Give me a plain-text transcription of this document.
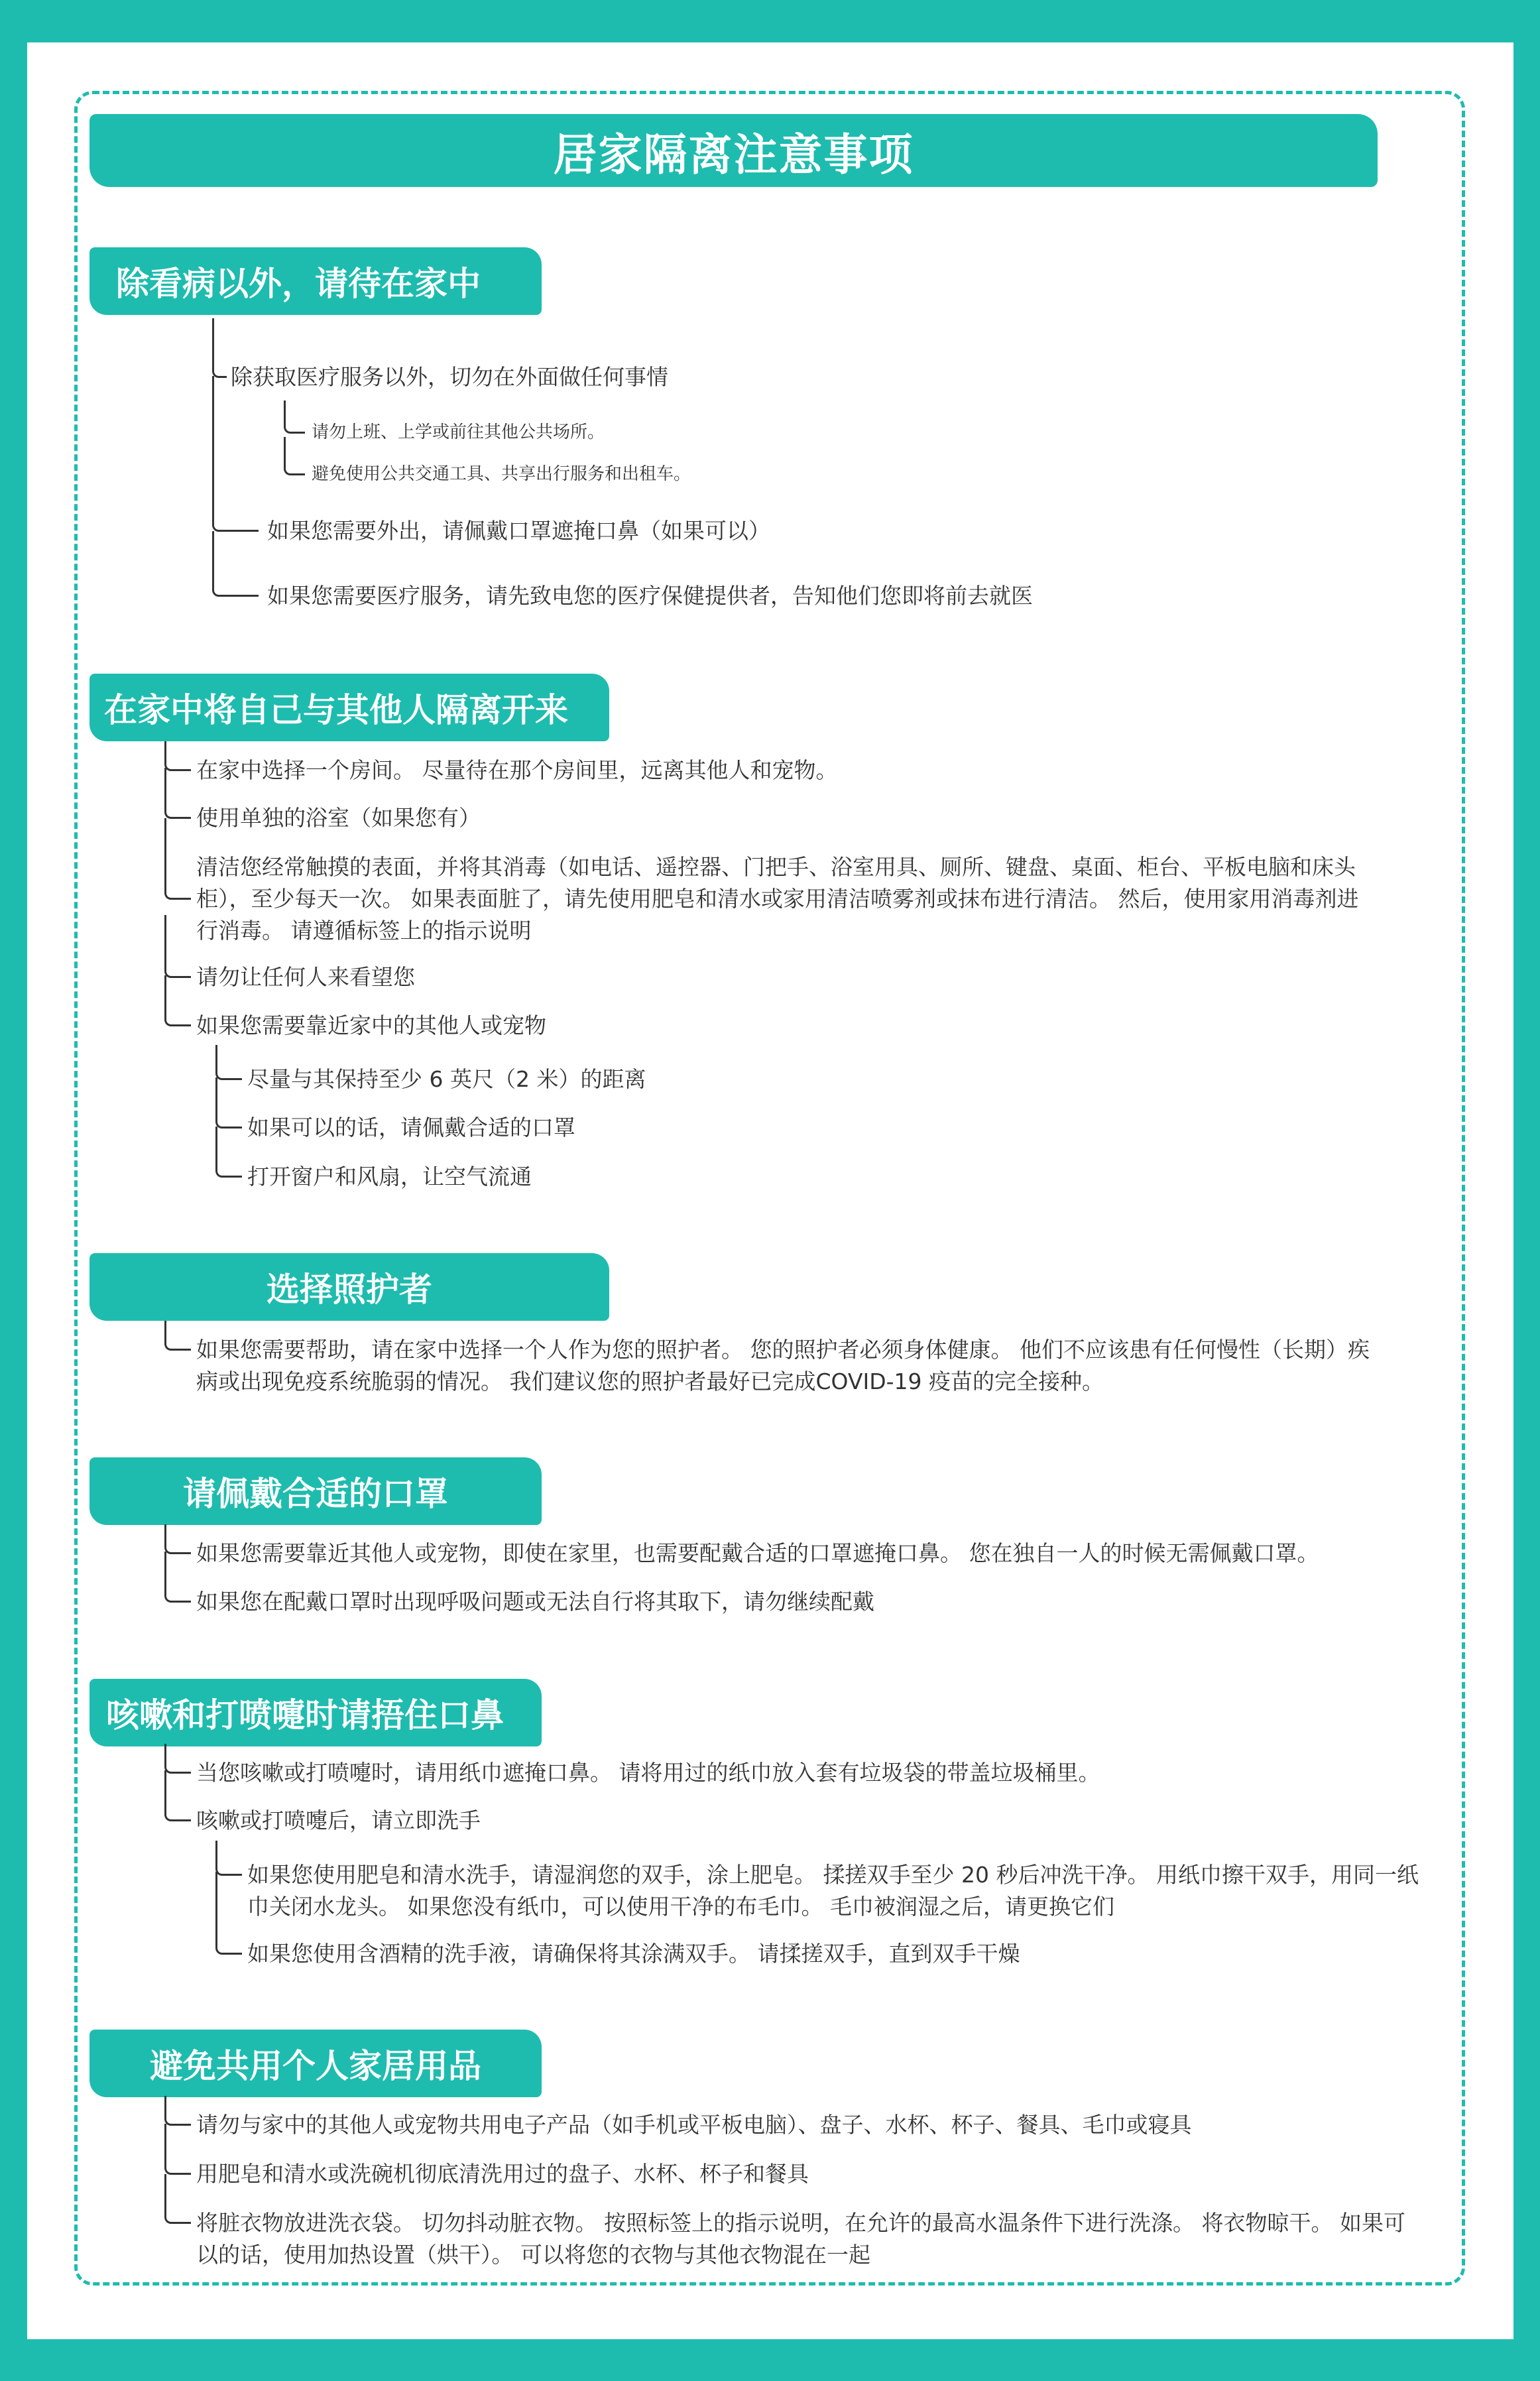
居家隔离注意事项
除看病以外，请待在家中
除获取医疗服务以外，切勿在外面做任何事情
请勿上班、上学或前往其他公共场所。
避免使用公共交通工具、共享出行服务和出租车。
如果您需要外出，请佩戴口罩遮掩口鼻（如果可以）
如果您需要医疗服务，请先致电您的医疗保健提供者，告知他们您即将前去就医
在家中将自己与其他人隔离开来
在家中选择一个房间。 尽量待在那个房间里，远离其他人和宠物。
使用单独的浴室（如果您有）
清洁您经常触摸的表面，并将其消毒（如电话、遥控器、门把手、浴室用具、厕所、键盘、桌面、柜台、平板电脑和床头
柜），至少每天一次。 如果表面脏了，请先使用肥皂和清水或家用清洁喷雾剂或抹布进行清洁。 然后，使用家用消毒剂进
行消毒。 请遵循标签上的指示说明
请勿让任何人来看望您
如果您需要靠近家中的其他人或宠物
尽量与其保持至少 6 英尺（2 米）的距离
如果可以的话，请佩戴合适的口罩
打开窗户和风扇，让空气流通
选择照护者
如果您需要帮助，请在家中选择一个人作为您的照护者。 您的照护者必须身体健康。 他们不应该患有任何慢性（长期）疾
病或出现免疫系统脆弱的情况。 我们建议您的照护者最好已完成COVID-19 疫苗的完全接种。
请佩戴合适的口罩
如果您需要靠近其他人或宠物，即使在家里，也需要配戴合适的口罩遮掩口鼻。 您在独自一人的时候无需佩戴口罩。
如果您在配戴口罩时出现呼吸问题或无法自行将其取下，请勿继续配戴
咳嗽和打喷嚏时请捂住口鼻
当您咳嗽或打喷嚏时，请用纸巾遮掩口鼻。 请将用过的纸巾放入套有垃圾袋的带盖垃圾桶里。
咳嗽或打喷嚏后，请立即洗手
如果您使用肥皂和清水洗手，请湿润您的双手，涂上肥皂。 揉搓双手至少 20 秒后冲洗干净。 用纸巾擦干双手，用同一纸
巾关闭水龙头。 如果您没有纸巾，可以使用干净的布毛巾。 毛巾被润湿之后，请更换它们
如果您使用含酒精的洗手液，请确保将其涂满双手。 请揉搓双手，直到双手干燥
避免共用个人家居用品
请勿与家中的其他人或宠物共用电子产品（如手机或平板电脑）、盘子、水杯、杯子、餐具、毛巾或寝具
用肥皂和清水或洗碗机彻底清洗用过的盘子、水杯、杯子和餐具
将脏衣物放进洗衣袋。 切勿抖动脏衣物。 按照标签上的指示说明，在允许的最高水温条件下进行洗涤。 将衣物晾干。 如果可
以的话，使用加热设置（烘干）。 可以将您的衣物与其他衣物混在一起
